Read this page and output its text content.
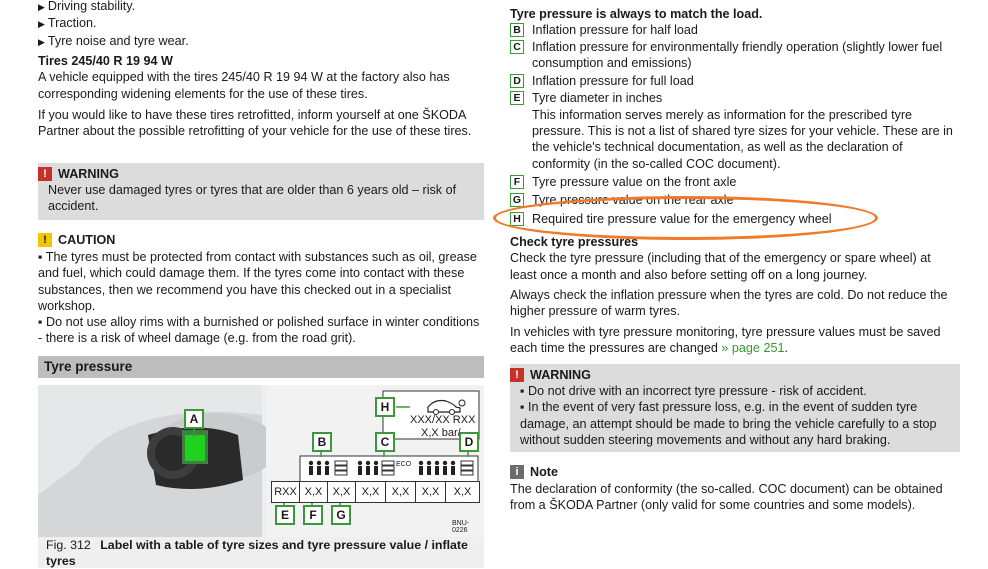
▶ Driving stability.
▶ Traction.
▶ Tyre noise and tyre wear.

Tires 245/40 R 19 94 W

A vehicle equipped with the tires 245/40 R 19 94 W at the factory also has corresponding widening elements for the use of these tires.

If you would like to have these tires retrofitted, inform yourself at one ŠKODA Partner about the possible retrofitting of your vehicle for the use of these tires.

! WARNING

Never use damaged tyres or tyres that are older than 6 years old – risk of accident.

! CAUTION

▪ The tyres must be protected from contact with substances such as oil, grease and fuel, which could damage them. If the tyres come into contact with these substances, then we recommend you have this checked out in a specialist workshop.

▪ Do not use alloy rims with a burnished or polished surface in winter conditions - there is a risk of wheel damage (e.g. from the road grit).

Tyre pressure
A
B	C	D
H
E	F	G
XXX/XX RXX
X,X bar/
ECO
BNU-0226
RXX X,X X,X	X,X	X,X	X,X	X,X
Fig. 312 Label with a table of tyre sizes and tyre pressure value / inflate tyres

Tyre pressure is always to match the load.

B Inflation pressure for half load
C Inflation pressure for environmentally friendly operation (slightly lower fuel consumption and emissions)
D Inflation pressure for full load
E Tyre diameter in inches
This information serves merely as information for the prescribed tyre pressure. This is not a list of shared tyre sizes for your vehicle. These are in the vehicle's technical documentation, as well as the declaration of conformity (in the so-called COC document).
F Tyre pressure value on the front axle
G Tyre pressure value on the rear axle
H Required tire pressure value for the emergency wheel

Check tyre pressures

Check the tyre pressure (including that of the emergency or spare wheel) at least once a month and also before setting off on a long journey.

Always check the inflation pressure when the tyres are cold. Do not reduce the higher pressure of warm tyres.

In vehicles with tyre pressure monitoring, tyre pressure values must be saved each time the pressures are changed » page 251.

! WARNING

▪ Do not drive with an incorrect tyre pressure - risk of accident.

▪ In the event of very fast pressure loss, e.g. in the event of sudden tyre damage, an attempt should be made to bring the vehicle carefully to a stop without sudden steering movements and without any hard braking.

i Note

The declaration of conformity (the so-called. COC document) can be obtained from a ŠKODA Partner (only valid for some countries and some models).
